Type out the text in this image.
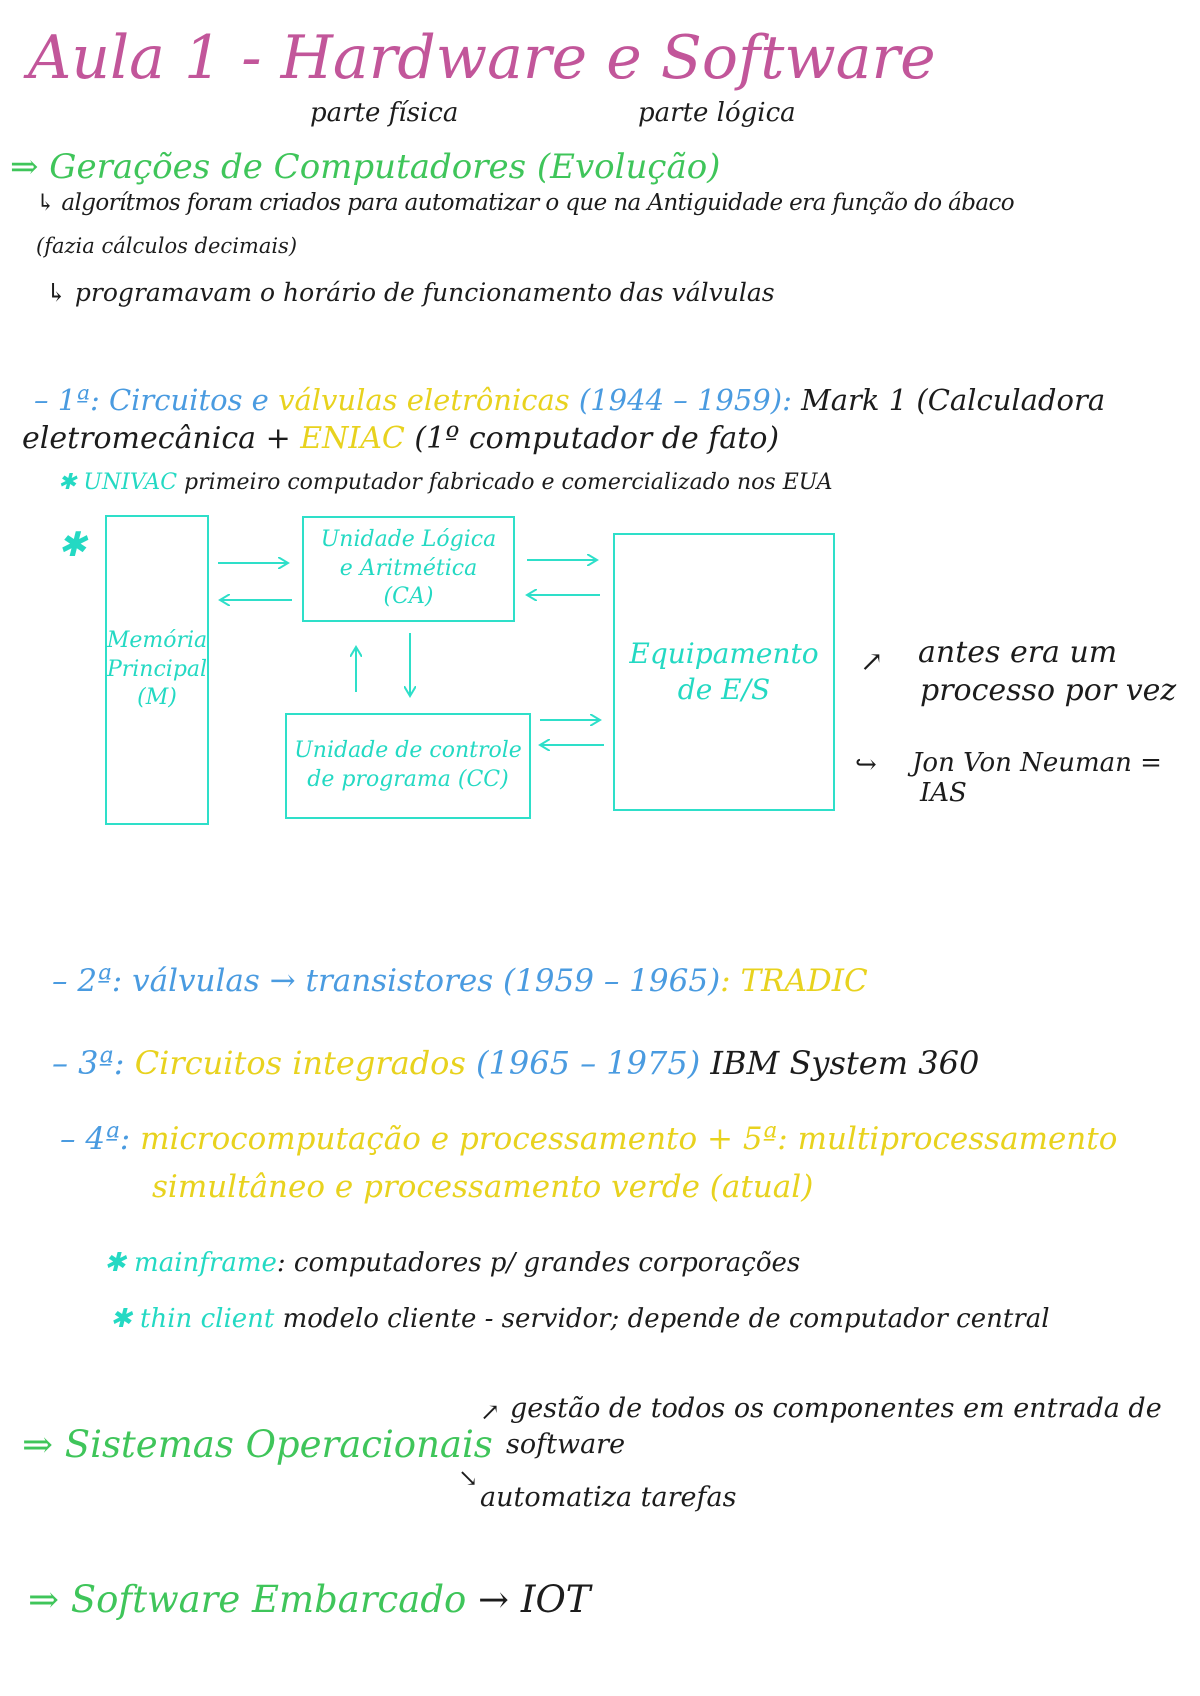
Aula 1 - Hardware e Software
parte física	parte lógica
⇒ Gerações de Computadores (Evolução)
↳ algorítmos foram criados para automatizar o que na Antiguidade era função do ábaco
(fazia cálculos decimais)
↳ programavam o horário de funcionamento das válvulas
– 1ª: Circuitos e válvulas eletrônicas (1944 – 1959): Mark 1 (Calculadora
eletromecânica + ENIAC (1º computador de fato)
✱ UNIVAC primeiro computador fabricado e comercializado nos EUA
✱
Memória
Principal
(M)
Unidade Lógica
e Aritmética
(CA)
Unidade de controle
de programa (CC)
Equipamento
de E/S
↗ antes era um
processo por vez
↪ Jon Von Neuman =
IAS
– 2ª: válvulas → transistores (1959 – 1965): TRADIC
– 3ª: Circuitos integrados (1965 – 1975) IBM System 360
– 4ª: microcomputação e processamento + 5ª: multiprocessamento
simultâneo e processamento verde (atual)
✱ mainframe: computadores p/ grandes corporações
✱ thin client modelo cliente - servidor; depende de computador central
⇒ Sistemas Operacionais
↗ gestão de todos os componentes em entrada de
software
↘
automatiza tarefas
⇒ Software Embarcado → IOT
